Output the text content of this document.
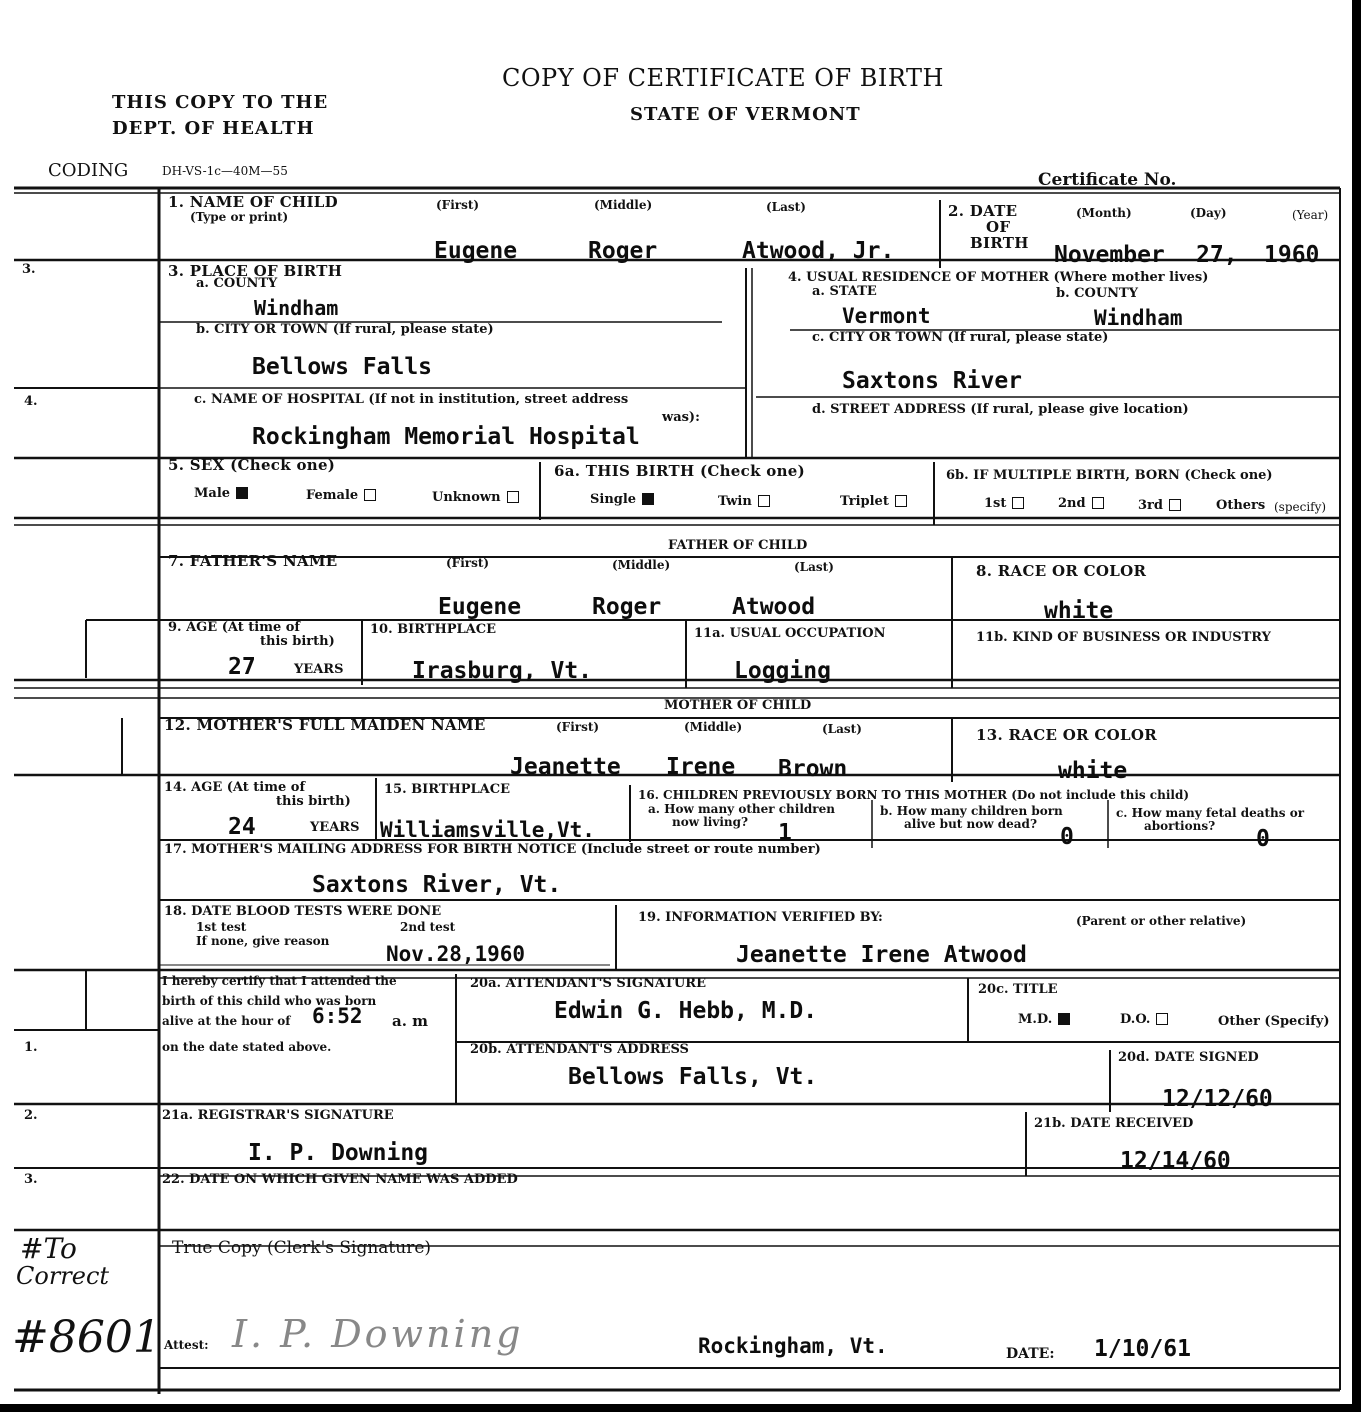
COPY OF CERTIFICATE OF BIRTH
STATE OF VERMONT
THIS COPY TO THE
DEPT. OF HEALTH
CODING	DH-VS-1c—40M—55	Certificate No.
3.
4.
1.
2.
3.
1. NAME OF CHILD
(Type or print)
(First)	(Middle)	(Last)
Eugene	Roger	Atwood, Jr.
2. DATE
OF
BIRTH
(Month)	(Day)	(Year)
November 27, 1960
3. PLACE OF BIRTH
a. COUNTY
Windham
b. CITY OR TOWN (If rural, please state)
Bellows Falls
c. NAME OF HOSPITAL (If not in institution, street address
was):
Rockingham Memorial Hospital
4. USUAL RESIDENCE OF MOTHER (Where mother lives)
a. STATE	b. COUNTY
Vermont	Windham
c. CITY OR TOWN (If rural, please state)
Saxtons River
d. STREET ADDRESS (If rural, please give location)
5. SEX (Check one)
Male	Female	Unknown
6a. THIS BIRTH (Check one)
Single	Twin	Triplet
6b. IF MULTIPLE BIRTH, BORN (Check one)
1st	2nd	3rd	Others (specify)
FATHER OF CHILD
7. FATHER'S NAME	(First)	(Middle)	(Last)
Eugene	Roger	Atwood
8. RACE OR COLOR
white
9. AGE (At time of
this birth)
27	YEARS
10. BIRTHPLACE
Irasburg, Vt.
11a. USUAL OCCUPATION
Logging
11b. KIND OF BUSINESS OR INDUSTRY
MOTHER OF CHILD
12. MOTHER'S FULL MAIDEN NAME	(First)	(Middle)	(Last)
Jeanette Irene Brown
13. RACE OR COLOR
white
14. AGE (At time of
this birth)
24	YEARS
15. BIRTHPLACE
Williamsville,Vt.
16. CHILDREN PREVIOUSLY BORN TO THIS MOTHER (Do not include this child)
a. How many other children
now living? 1
b. How many children born
alive but now dead? 0
c. How many fetal deaths or
abortions? 0
17. MOTHER'S MAILING ADDRESS FOR BIRTH NOTICE (Include street or route number)
Saxtons River, Vt.
18. DATE BLOOD TESTS WERE DONE
1st test	2nd test
If none, give reason
Nov.28,1960
19. INFORMATION VERIFIED BY:	(Parent or other relative)
Jeanette Irene Atwood
I hereby certify that I attended the
birth of this child who was born
alive at the hour of 6:52 a. m
on the date stated above.
20a. ATTENDANT'S SIGNATURE
Edwin G. Hebb, M.D.
20c. TITLE
M.D.	D.O.	Other (Specify)
20b. ATTENDANT'S ADDRESS
Bellows Falls, Vt.
20d. DATE SIGNED
12/12/60
21a. REGISTRAR'S SIGNATURE
I. P. Downing
21b. DATE RECEIVED
12/14/60
22. DATE ON WHICH GIVEN NAME WAS ADDED
True Copy (Clerk's Signature)
Attest: I. P. Downing	Rockingham, Vt.	DATE: 1/10/61
#To
Correct
#8601
